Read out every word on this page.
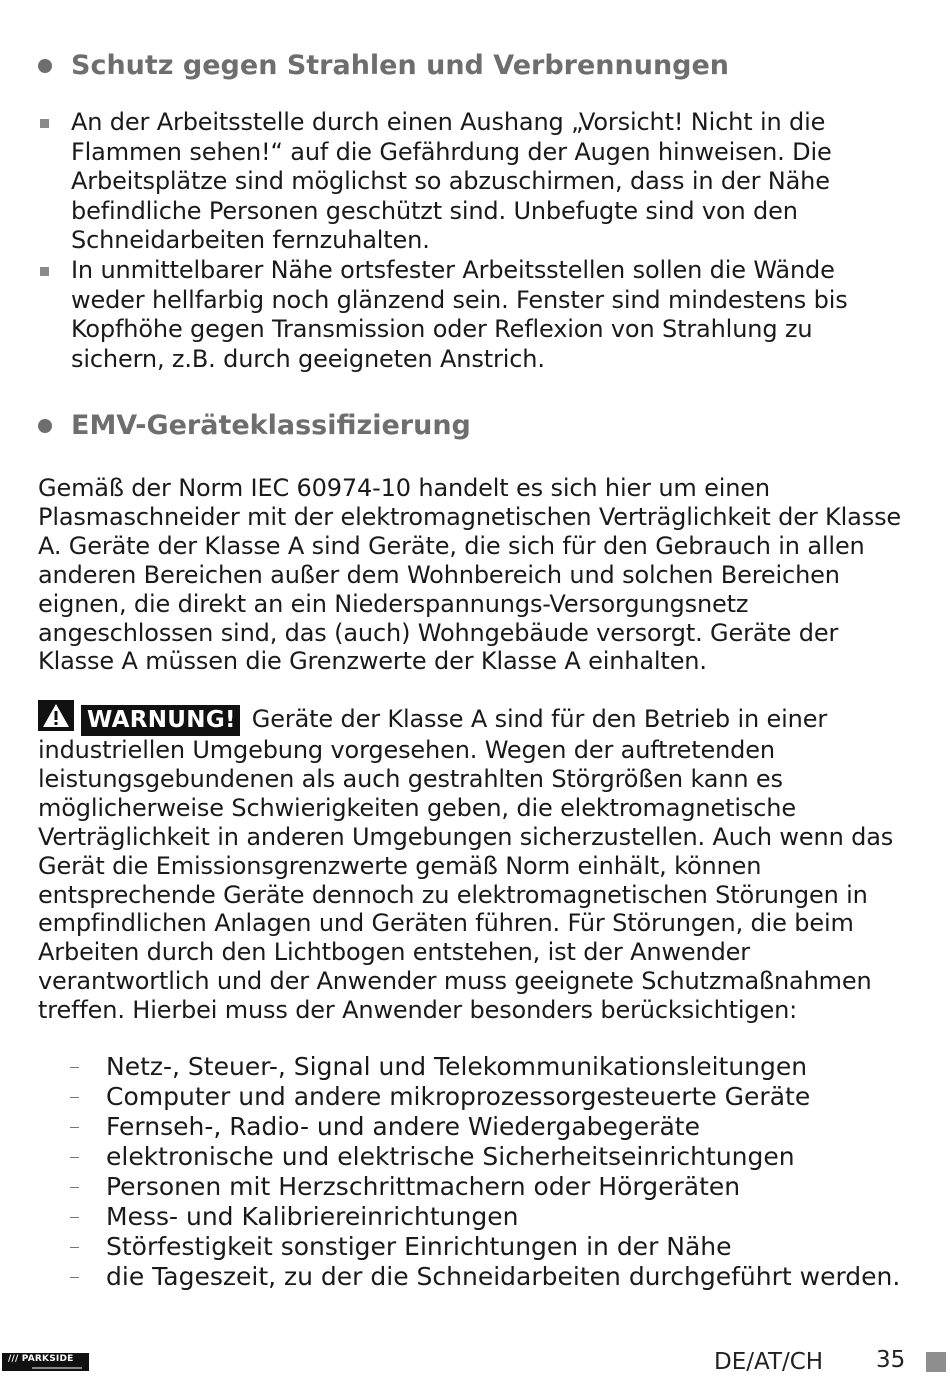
Schutz gegen Strahlen und Verbrennungen
An der Arbeitsstelle durch einen Aushang „Vorsicht! Nicht in die Flammen sehen!“ auf die Gefährdung der Augen hinweisen. Die Arbeitsplätze sind möglichst so abzuschirmen, dass in der Nähe befindliche Personen geschützt sind. Unbefugte sind von den Schneidarbeiten fernzuhalten.
In unmittelbarer Nähe ortsfester Arbeitsstellen sollen die Wände weder hellfarbig noch glänzend sein. Fenster sind mindestens bis Kopfhöhe gegen Transmission oder Reflexion von Strahlung zu sichern, z.B. durch geeigneten Anstrich.
EMV-Geräteklassifizierung

Gemäß der Norm IEC 60974-10 handelt es sich hier um einen Plasmaschneider mit der elektromagnetischen Verträglichkeit der Klasse A. Geräte der Klasse A sind Geräte, die sich für den Gebrauch in allen anderen Bereichen außer dem Wohnbereich und solchen Bereichen eignen, die direkt an ein Niederspannungs-Versorgungsnetz angeschlossen sind, das (auch) Wohngebäude versorgt. Geräte der Klasse A müssen die Grenzwerte der Klasse A einhalten.

WARNUNG! Geräte der Klasse A sind für den Betrieb in einer industriellen Umgebung vorgesehen. Wegen der auftretenden leistungsgebundenen als auch gestrahlten Störgrößen kann es möglicherweise Schwierigkeiten geben, die elektromagnetische Verträglichkeit in anderen Umgebungen sicherzustellen. Auch wenn das Gerät die Emissionsgrenzwerte gemäß Norm einhält, können entsprechende Geräte dennoch zu elektromagnetischen Störungen in empfindlichen Anlagen und Geräten führen. Für Störungen, die beim Arbeiten durch den Lichtbogen entstehen, ist der Anwender verantwortlich und der Anwender muss geeignete Schutzmaßnahmen treffen. Hierbei muss der Anwender besonders berücksichtigen:

Netz-, Steuer-, Signal und Telekommunikationsleitungen
Computer und andere mikroprozessorgesteuerte Geräte
Fernseh-, Radio- und andere Wiedergabegeräte
elektronische und elektrische Sicherheitseinrichtungen
Personen mit Herzschrittmachern oder Hörgeräten
Mess- und Kalibriereinrichtungen
Störfestigkeit sonstiger Einrichtungen in der Nähe
die Tageszeit, zu der die Schneidarbeiten durchgeführt werden.
/// PARKSIDE	DE/AT/CH 35
